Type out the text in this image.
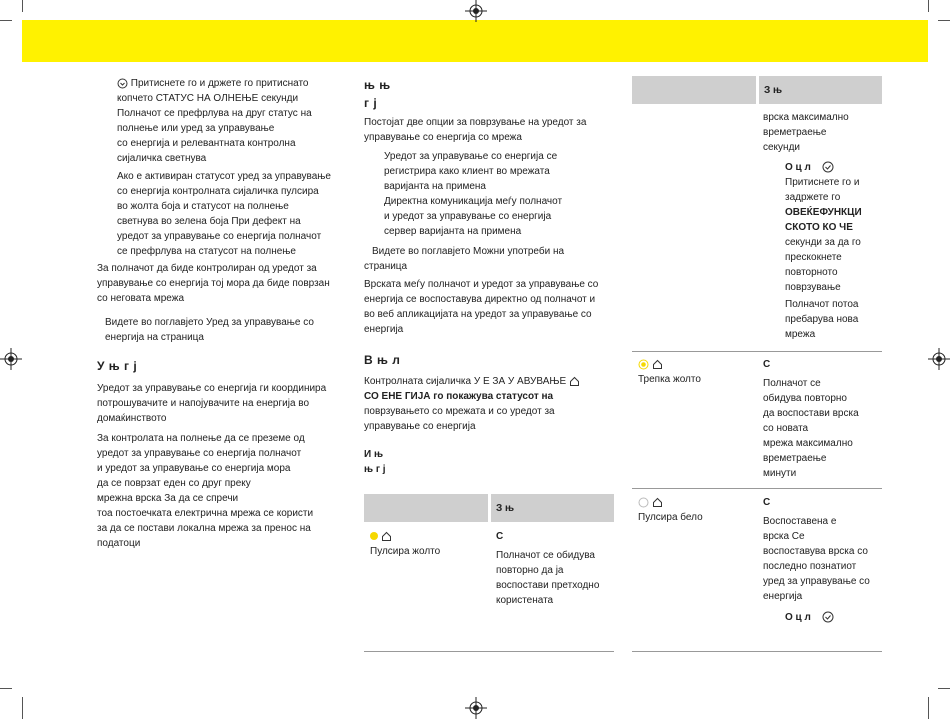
Притиснете го и држете го притиснато
копчето СТАТУС НА ОЛНЕЊЕ секунди
Полначот се префрлува на друг статус на
полнење или уред за управување
со енергија и релевантната контролна
сијаличка светнува
Ако е активиран статусот уред за управување
со енергија контролната сијаличка пулсира
во жолта боја и статусот на полнење
светнува во зелена боја При дефект на
уредот за управување со енергија полначот
се префрлува на статусот на полнење
За полначот да биде контролиран од уредот за
управување со енергија тој мора да биде поврзан
со неговата мрежа
Видете во поглавјето Уред за управување со
енергија на страница
У њ г ј
Уредот за управување со енергија ги координира
потрошувачите и напојувачите на енергија во
домаќинството
За контролата на полнење да се преземе од
уредот за управување со енергија полначот
и уредот за управување со енергија мора
да се поврзат еден со друг преку
мрежна врска За да се спречи
тоа постоечката електрична мрежа се користи
за да се постави локална мрежа за пренос на
податоци
њ њ
г ј
Постојат две опции за поврзување на уредот за
управување со енергија со мрежа
Уредот за управување со енергија се
регистрира како клиент во мрежата
варијанта на примена
Директна комуникација меѓу полначот
и уредот за управување со енергија
сервер варијанта на примена
Видете во поглавјето Можни употреби на
страница
Врската меѓу полначот и уредот за управување со
енергија се воспоставува директно од полначот и
во веб апликацијата на уредот за управување со
енергија
В њ л
Контролната сијаличка У Е ЗА У АВУВАЊЕ
СО ЕНЕ ГИЈА го покажува статусот на
поврзувањето со мрежата и со уредот за
управување со енергија
И њ
њ г ј
З њ

Пулсира жолто
С

Полначот се обидува
повторно да ја
воспостави претходно
користената
З њ
врска максимално
времетраење
секунди
О ц л
Притиснете го и
задржете го
ОВЕЌЕФУНКЦИ
СКОТО КО ЧЕ
секунди за да го
прескокнете
повторното
поврзување
Полначот потоа
пребарува нова
мрежа

Трепка жолто
С

Полначот се
обидува повторно
да воспостави врска
со новата
мрежа максимално
времетраење
минути

Пулсира бело
С

Воспоставена е
врска Се
воспоставува врска со
последно познатиот
уред за управување со
енергија
О ц л
